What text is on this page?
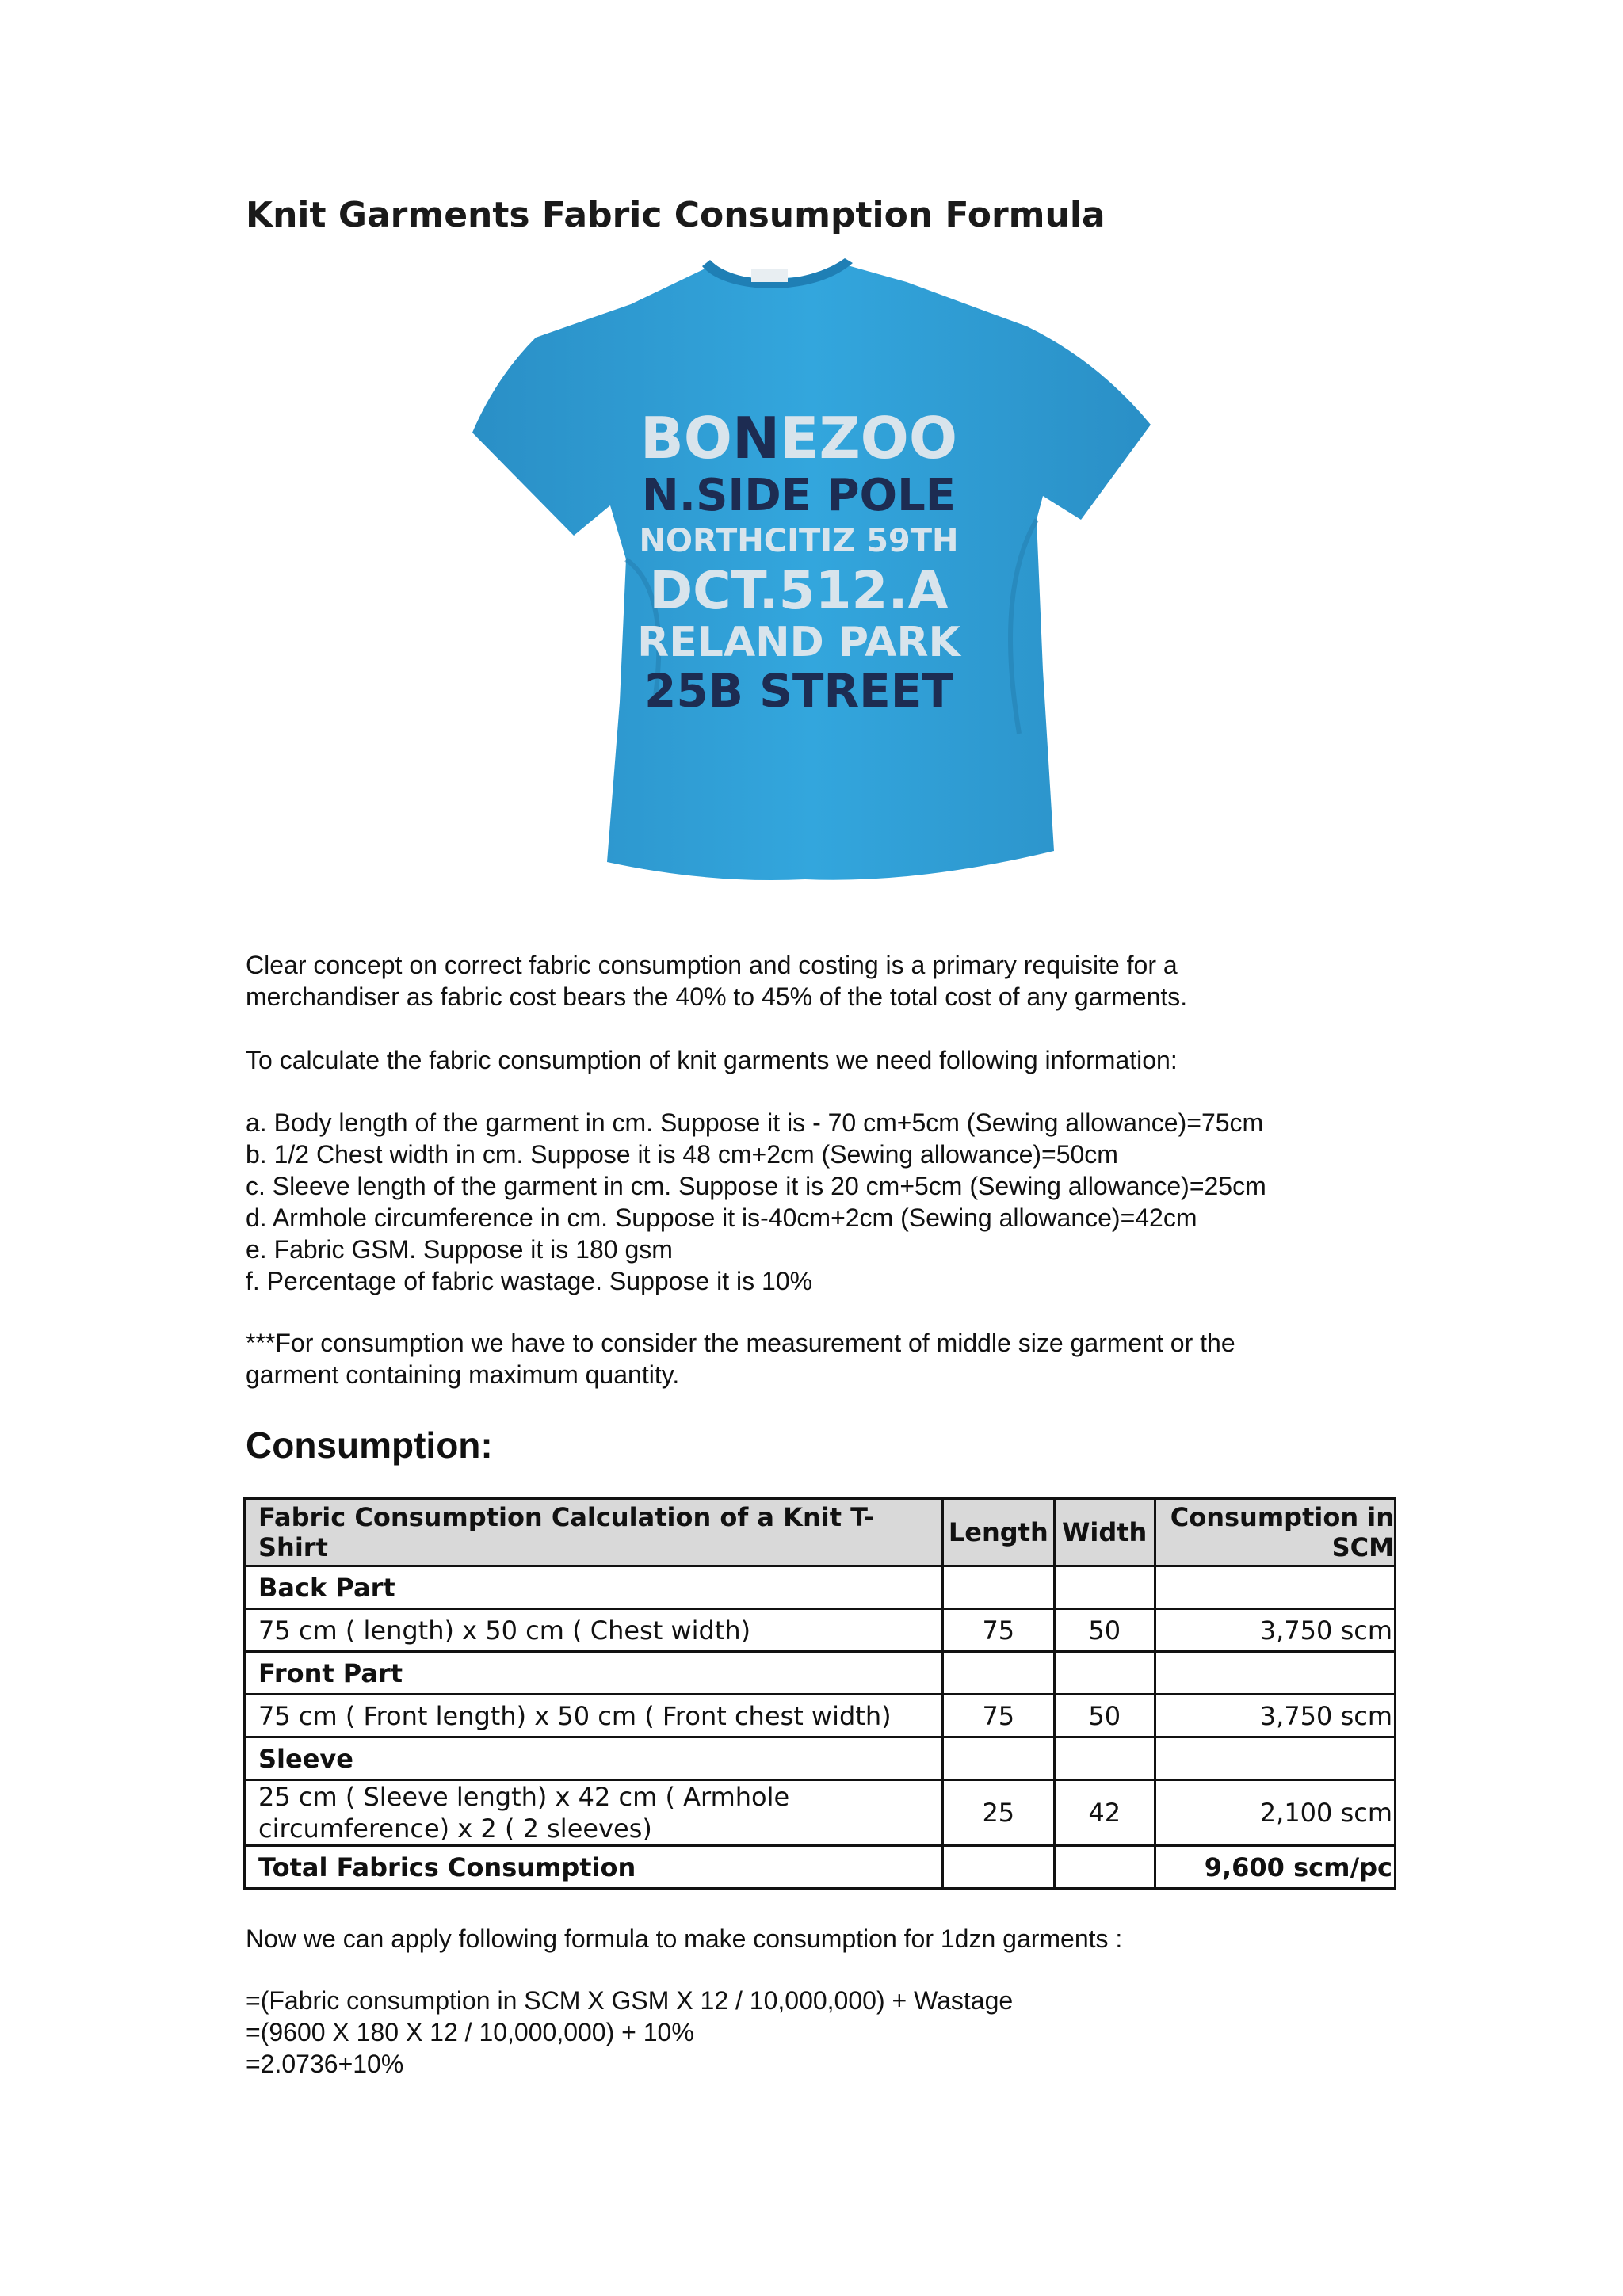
Knit Garments Fabric Consumption Formula
BONEZOO
N.SIDE POLE
NORTHCITIZ 59TH
DCT.512.A
RELAND PARK
25B STREET
Clear concept on correct fabric consumption and costing is a primary requisite for a
merchandiser as fabric cost bears the 40% to 45% of the total cost of any garments.

To calculate the fabric consumption of knit garments we need following information:

a. Body length of the garment in cm. Suppose it is - 70 cm+5cm (Sewing allowance)=75cm
b. 1/2 Chest width in cm. Suppose it is 48 cm+2cm (Sewing allowance)=50cm
c. Sleeve length of the garment in cm. Suppose it is 20 cm+5cm (Sewing allowance)=25cm
d. Armhole circumference in cm. Suppose it is-40cm+2cm (Sewing allowance)=42cm
e. Fabric GSM. Suppose it is 180 gsm
f. Percentage of fabric wastage. Suppose it is 10%
***For consumption we have to consider the measurement of middle size garment or the
garment containing maximum quantity.
Consumption:
Fabric Consumption Calculation of a Knit T-Shirt	Length	Width	Consumption in
SCM
Back Part			
75 cm ( length) x 50 cm ( Chest width)	75	50	3,750 scm
Front Part			
75 cm ( Front length) x 50 cm ( Front chest width)	75	50	3,750 scm
Sleeve			
25 cm ( Sleeve length) x 42 cm ( Armhole
circumference) x 2 ( 2 sleeves)	25	42	2,100 scm
Total Fabrics Consumption			9,600 scm/pc

Now we can apply following formula to make consumption for 1dzn garments :

=(Fabric consumption in SCM X GSM X 12 / 10,000,000) + Wastage
=(9600 X 180 X 12 / 10,000,000) + 10%
=2.0736+10%
